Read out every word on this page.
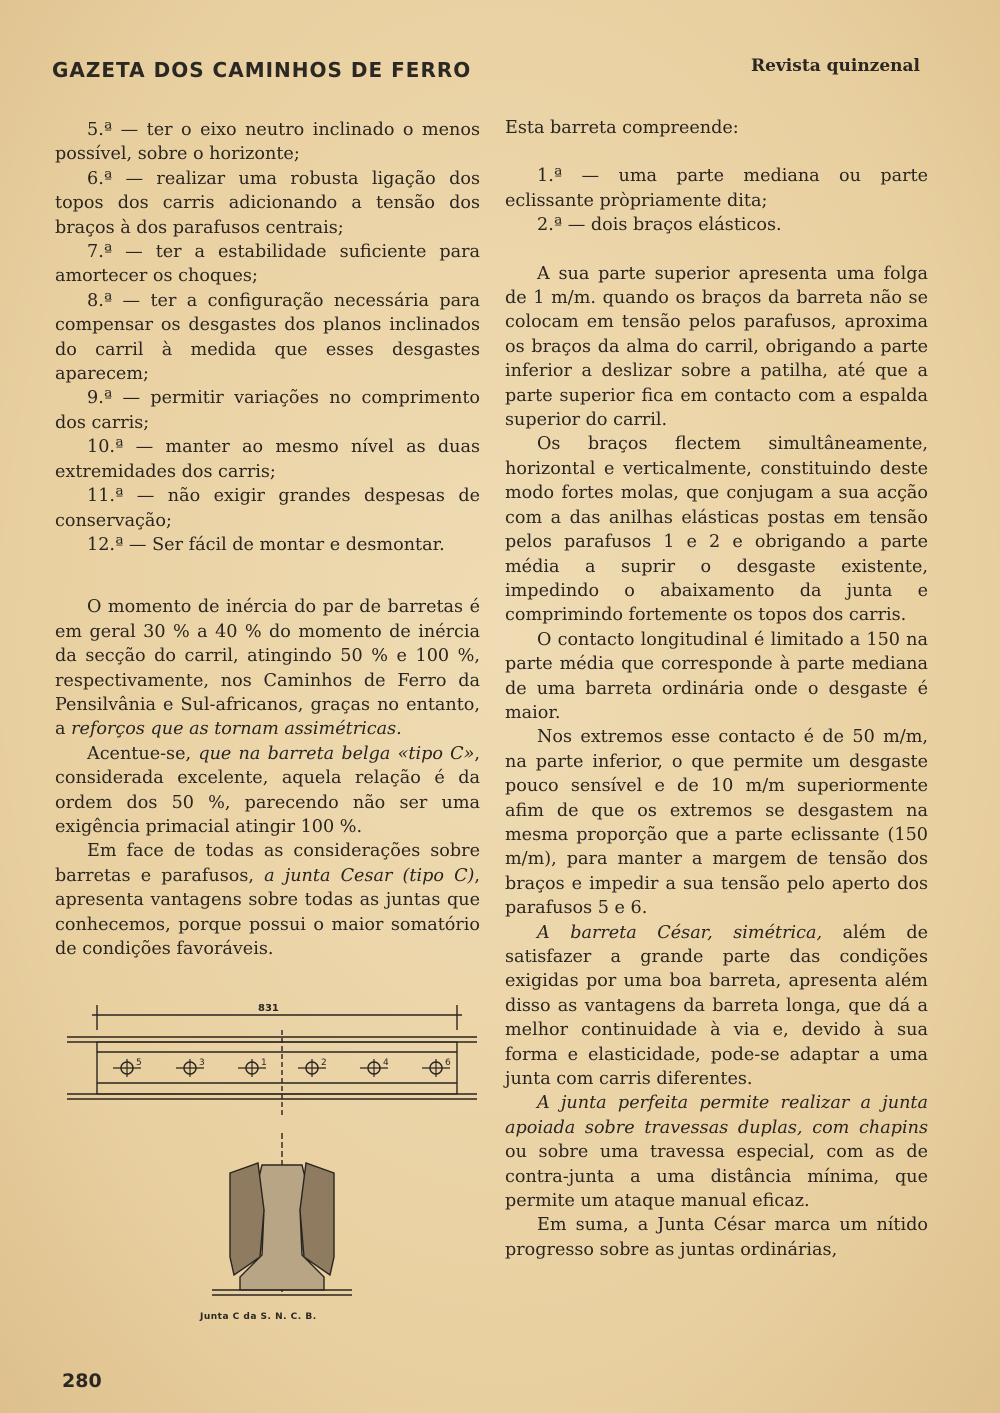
GAZETA DOS CAMINHOS DE FERRO	Revista quinzenal

5.ª — ter o eixo neutro inclinado o menos possível, sobre o horizonte;

6.ª — realizar uma robusta ligação dos topos dos carris adicionando a tensão dos braços à dos parafusos centrais;

7.ª — ter a estabilidade suficiente para amortecer os choques;

8.ª — ter a configuração necessária para compensar os desgastes dos planos inclinados do carril à medida que esses desgastes aparecem;

9.ª — permitir variações no comprimento dos carris;

10.ª — manter ao mesmo nível as duas extremidades dos carris;

11.ª — não exigir grandes despesas de conservação;

12.ª — Ser fácil de montar e desmontar.

O momento de inércia do par de barretas é em geral 30 % a 40 % do momento de inércia da secção do carril, atingindo 50 % e 100 %, respectivamente, nos Caminhos de Ferro da Pensilvânia e Sul-africanos, graças no entanto, a reforços que as tornam assimétricas.

Acentue-se, que na barreta belga «tipo C», considerada excelente, aquela relação é da ordem dos 50 %, parecendo não ser uma exigência primacial atingir 100 %.

Em face de todas as considerações sobre barretas e parafusos, a junta Cesar (tipo C), apresenta vantagens sobre todas as juntas que conhecemos, porque possui o maior somatório de condições favoráveis.

5	3	1	2	4	6
831
Junta C da S. N. C. B.

Esta barreta compreende:

1.ª — uma parte mediana ou parte eclissante pròpriamente dita;

2.ª — dois braços elásticos.

A sua parte superior apresenta uma folga de 1 m/m. quando os braços da barreta não se colocam em tensão pelos parafusos, aproxima os braços da alma do carril, obrigando a parte inferior a deslizar sobre a patilha, até que a parte superior fica em contacto com a espalda superior do carril.

Os braços flectem simultâneamente, horizontal e verticalmente, constituindo deste modo fortes molas, que conjugam a sua acção com a das anilhas elásticas postas em tensão pelos parafusos 1 e 2 e obrigando a parte média a suprir o desgaste existente, impedindo o abaixamento da junta e comprimindo fortemente os topos dos carris.

O contacto longitudinal é limitado a 150 na parte média que corresponde à parte mediana de uma barreta ordinária onde o desgaste é maior.

Nos extremos esse contacto é de 50 m/m, na parte inferior, o que permite um desgaste pouco sensível e de 10 m/m superiormente afim de que os extremos se desgastem na mesma proporção que a parte eclissante (150 m/m), para manter a margem de tensão dos braços e impedir a sua tensão pelo aperto dos parafusos 5 e 6.

A barreta César, simétrica, além de satisfazer a grande parte das condições exigidas por uma boa barreta, apresenta além disso as vantagens da barreta longa, que dá a melhor continuidade à via e, devido à sua forma e elasticidade, pode-se adaptar a uma junta com carris diferentes.

A junta perfeita permite realizar a junta apoiada sobre travessas duplas, com chapins ou sobre uma travessa especial, com as de contra-junta a uma distância mínima, que permite um ataque manual eficaz.

Em suma, a Junta César marca um nítido progresso sobre as juntas ordinárias,

280
